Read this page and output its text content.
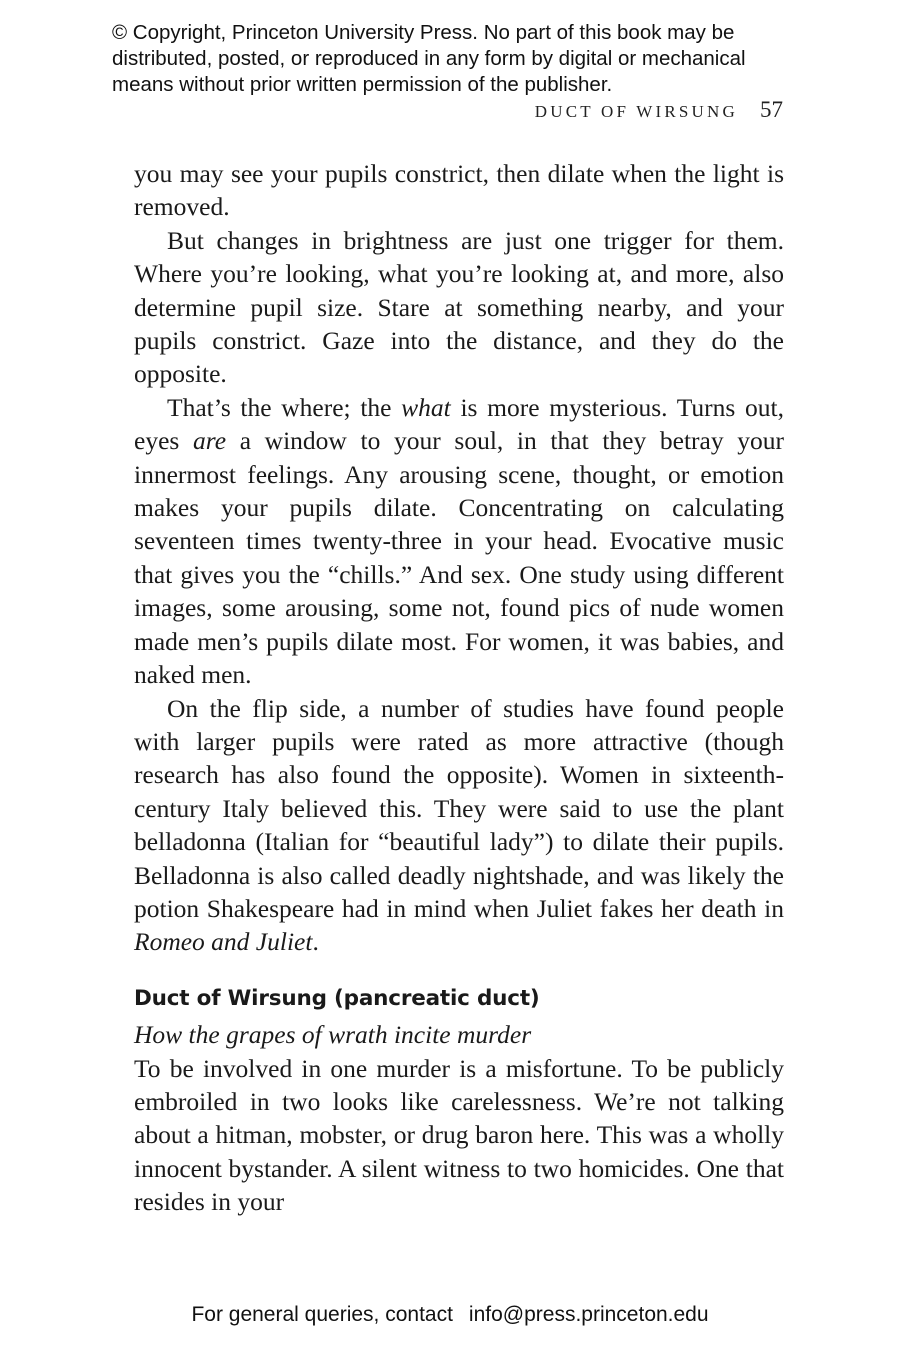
© Copyright, Princeton University Press. No part of this book may be

distributed, posted, or reproduced in any form by digital or mechanical

means without prior written permission of the publisher.

DUCT OF WIRSUNG 57

you may see your pupils constrict, then dilate when the light is removed.

But changes in brightness are just one trigger for them. Where you’re looking, what you’re looking at, and more, also determine pupil size. Stare at something nearby, and your pupils constrict. Gaze into the distance, and they do the opposite.

That’s the where; the what is more mysterious. Turns out, eyes are a window to your soul, in that they betray your innermost feelings. Any arousing scene, thought, or emotion makes your pupils dilate. Concentrating on calculating seventeen times twenty-three in your head. Evocative music that gives you the “chills.” And sex. One study using different images, some arousing, some not, found pics of nude women made men’s pupils dilate most. For women, it was babies, and naked men.

On the flip side, a number of studies have found people with larger pupils were rated as more attractive (though research has also found the opposite). Women in sixteenth-century Italy believed this. They were said to use the plant belladonna (Italian for “beautiful lady”) to dilate their pupils. Belladonna is also called deadly nightshade, and was likely the potion Shakespeare had in mind when Juliet fakes her death in Romeo and Juliet.

Duct of Wirsung (pancreatic duct)

How the grapes of wrath incite murder

To be involved in one murder is a misfortune. To be publicly embroiled in two looks like carelessness. We’re not talking about a hitman, mobster, or drug baron here. This was a wholly innocent bystander. A silent witness to two homicides. One that resides in your

For general queries, contact info@press.princeton.edu
